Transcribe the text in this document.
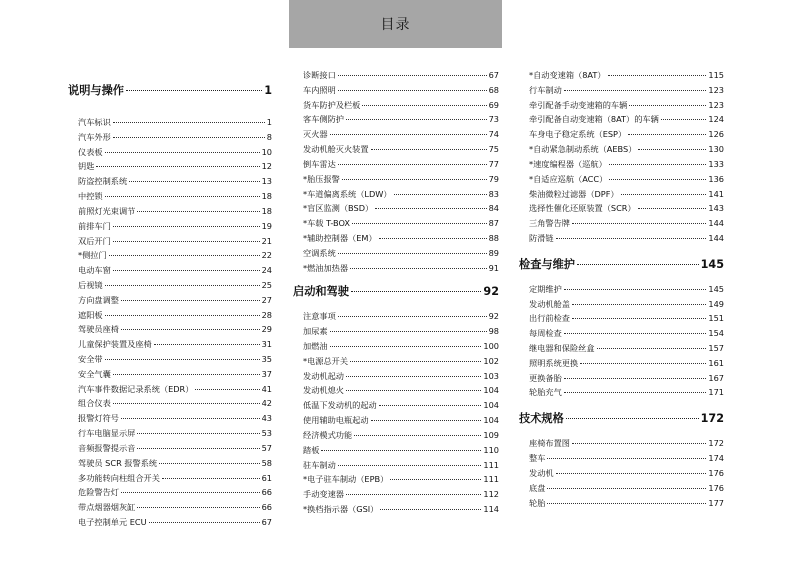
目录
说明与操作	1
汽车标识	1
汽车外形	8
仪表板	10
钥匙	12
防盗控制系统	13
中控锁	18
前照灯光束调节	18
前排车门	19
双后开门	21
*侧拉门	22
电动车窗	24
后视镜	25
方向盘调整	27
遮阳板	28
驾驶员座椅	29
儿童保护装置及座椅	31
安全带	35
安全气囊	37
汽车事件数据记录系统（EDR）	41
组合仪表	42
报警灯符号	43
行车电脑显示屏	53
音频报警提示音	57
驾驶员 SCR 报警系统	58
多功能转向柱组合开关	61
危险警告灯	66
带点烟器烟灰缸	66
电子控制单元 ECU	67
诊断接口	67
车内照明	68
货车防护及栏板	69
客车侧防护	73
灭火器	74
发动机舱灭火装置	75
倒车雷达	77
*胎压报警	79
*车道偏离系统（LDW）	83
*盲区监测（BSD）	84
*车载 T-BOX	87
*辅助控制器（EM）	88
空调系统	89
*燃油加热器	91
启动和驾驶	92
注意事项	92
加尿素	98
加燃油	100
*电源总开关	102
发动机起动	103
发动机熄火	104
低温下发动机的起动	104
使用辅助电瓶起动	104
经济模式功能	109
踏板	110
驻车制动	111
*电子驻车制动（EPB）	111
手动变速器	112
*换档指示器（GSI）	114
*自动变速箱（8AT）	115
行车制动	123
牵引配备手动变速箱的车辆	123
牵引配备自动变速箱（8AT）的车辆	124
车身电子稳定系统（ESP）	126
*自动紧急制动系统（AEBS）	130
*速度编程器（巡航）	133
*自适应巡航（ACC）	136
柴油微粒过滤器（DPF）	141
选择性催化还原装置（SCR）	143
三角警告牌	144
防滑链	144
检查与维护	145
定期维护	145
发动机舱盖	149
出行前检查	151
每周检查	154
继电器和保险丝盒	157
照明系统更换	161
更换备胎	167
轮胎充气	171
技术规格	172
座椅布置图	172
整车	174
发动机	176
底盘	176
轮胎	177
